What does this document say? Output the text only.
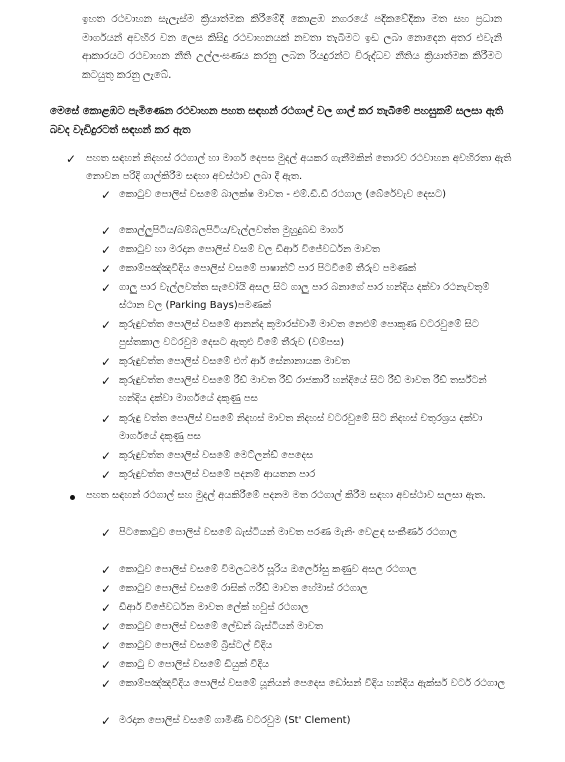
ඉහත රථවාහන සැලැස්ම ක්‍රියාත්මක කිරීමේදී කොළඹ නගරයේ පදිකවේදිකා මත සහ ප්‍රධාන මාර්ගයන් අවහිර වන ලෙස කිසිදු රථවාහනයක් නවතා තැබීමට ඉඩ ලබා නොදෙන අතර එවැනි ආකාරයට රථවාහන නීති උල්ලංඝණය කරනු ලබන රියදුරන්ට විරුද්ධව නීතිය ක්‍රියාත්මක කිරීමට කටයුතු කරනු ලැබේ.
මෙසේ කොළඹට පැමිණෙන රථවාහන පහත සඳහන් රථගාල් වල ගාල් කර තැබීමේ පහසුකම් සලසා ඇති බවද වැඩිදුරටත් සඳහන් කර ඇත
✓ පහත සඳහන් නිදහස් රථගාල් හා මාර්ග දෙපස මුදල් අයකර ගැනීමකින් තොරව රථවාහන අවහිරතා ඇති නොවන පරිදි ගාල්කිරීම සඳහා අවස්ථාව ලබා දී ඇත.
✓ කොටුව පොලිස් වසමේ බාලක්ෂ මාවත - එම්.ඩී.ඩී රථගාල (බේරේවැව දෙසට)
✓ කොල්ලුපිටිය/බම්බලපිටිය/වැල්ලවත්ත මුහුදුබඩ මාර්ග
✓ කොටුව හා මරදාන පොලිස් වසම් වල ඩීආර් විජේවර්ධන මාවත
✓ කොම්පඤ්ඤවීදිය පොලිස් වසමේ පාෂාන්ට් පාර පිටවීමේ තීරුව පමණක්
✓ ගාලු පාර වැල්ලවත්ත සැවෝයි අසල සිට ගාලු පාර බනාගේ පාර හන්දිය දක්වා රථනැවතුම් ස්ථාන වල (Parking Bays)පමණක්
✓ කුරුඳුවත්ත පොලිස් වසමේ ආනන්ද කුමාරස්වාමි මාවත නෙළුම් පොකුණ වටරවුමේ සිට පුස්තකාල වටරවුම දෙසට ඇතුළු වීමේ තීරුව (වම්පස)
✓ කුරුඳුවත්ත පොලිස් වසමේ එෆ් ආර් සේනානායක මාවත
✓ කුරුඳුවත්ත පොලිස් වසමේ රීඩ් මාවත රීඩ් රාජකාරී හන්දියේ සිට රීඩ් මාවත රීඩ් තර්ස්ටන් හන්දිය දක්වා මාර්ගයේ දකුණු පස
✓ කුරුඳු වත්ත පොලිස් වසමේ නිදහස් මාවත නිදහස් වටරවුමේ සිට නිදහස් චතුරශ්‍රය දක්වා මාර්ගයේ දකුණු පස
✓ කුරුඳුවත්ත පොලිස් වසමේ මෙට්ලන්ඩ් පෙදෙස
✓ කුරුඳුවත්ත පොලිස් වසමේ පදනම් ආයතන පාර
පහත සඳහන් රථගාල් සහ මුදල් අයකිරීමේ පදනම මත රථගාල් කිරීම සඳහා අවස්ථාව සලසා ඇත.
✓ පිටකොටුව පොලිස් වසමේ බැස්ටියන් මාවත පරණ මැනිං වෙළඳ සංකීර්ණ රථගාල
✓ කොටුව පොලිස් වසමේ විමලධර්ම සූරිය ඔර්ලෝසු කණුව අසල රථගාල
✓ කොටුව පොලිස් වසමේ රාසික් ෆරීඩ් මාවත හේමාස් රථගාල
✓ ඩීආර් විජේවර්ධන මාවත ලේක් හවුස් රථගාල
✓ කොටුව පොලිස් වසමේ ලේඩන් බැස්ටියන් මාවත
✓ කොටුව පොලිස් වසමේ බ්‍රිස්ටල් වීදිය
✓ කොටු ව පොලිස් වසමේ ඩියුක් වීදිය
✓ කොම්පඤ්ඤවීදිය පොලිස් වසමේ යූනියන් පෙදෙස ඩෝසන් වීදිය හන්දිය ඇක්සර් වටර් රථගාල
✓ මරදාන පොලිස් වසමේ ගාමිණී වටරවුම (St' Clement)
